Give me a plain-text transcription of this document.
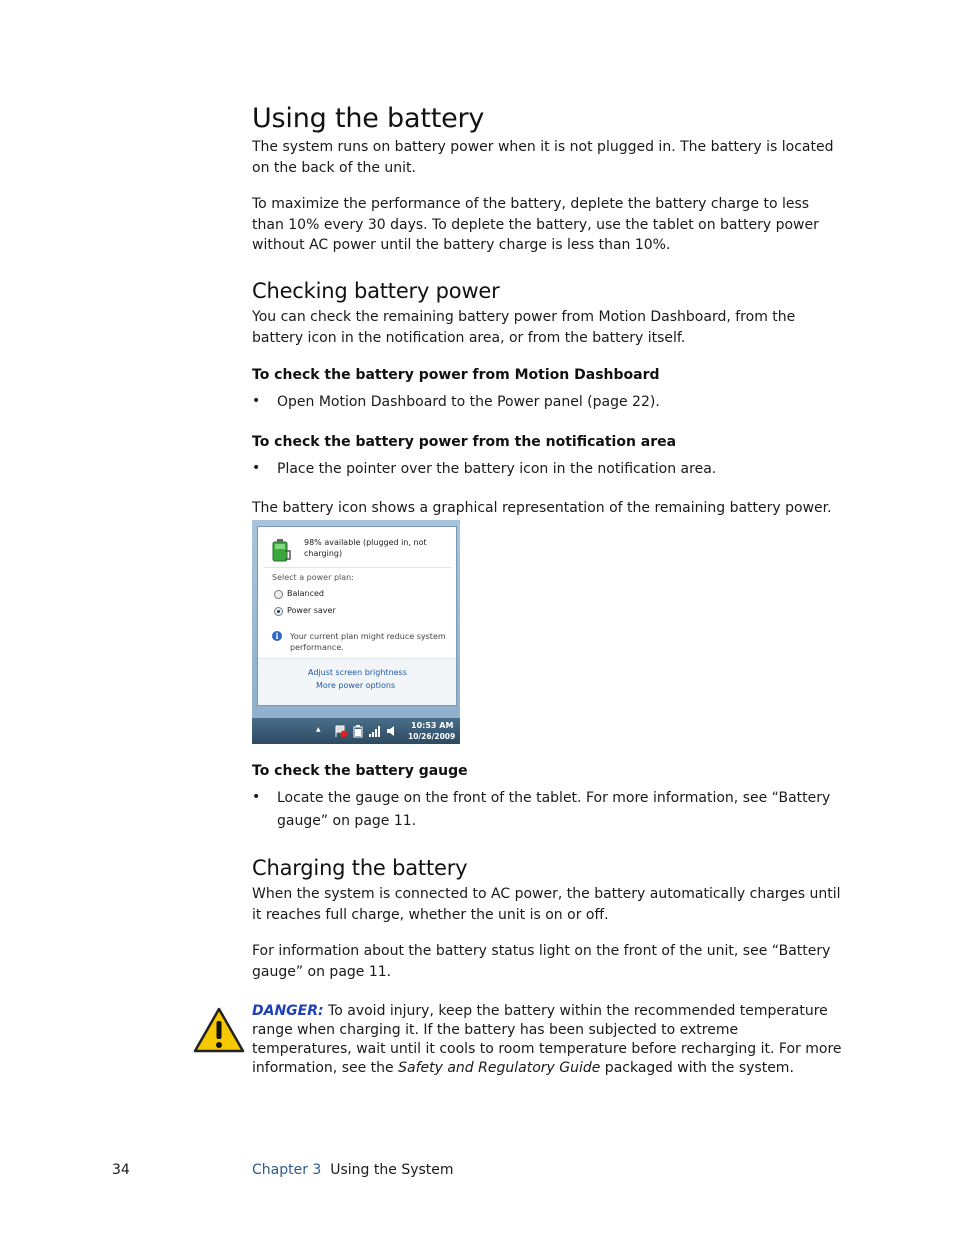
Using the battery

The system runs on battery power when it is not plugged in. The battery is located on the back of the unit.

To maximize the performance of the battery, deplete the battery charge to less than 10% every 30 days. To deplete the battery, use the tablet on battery power without AC power until the battery charge is less than 10%.

Checking battery power

You can check the remaining battery power from Motion Dashboard, from the battery icon in the notification area, or from the battery itself.

To check the battery power from Motion Dashboard
• Open Motion Dashboard to the Power panel (page 22).

To check the battery power from the notification area
• Place the pointer over the battery icon in the notification area.

The battery icon shows a graphical representation of the remaining battery power.

98% available (plugged in, not
charging)
Select a power plan:
Balanced
Power saver
i	Your current plan might reduce system
performance.
Adjust screen brightness
More power options
▲	10:53 AM
10/26/2009
To check the battery gauge
• Locate the gauge on the front of the tablet. For more information, see “Battery gauge” on page 11.

Charging the battery

When the system is connected to AC power, the battery automatically charges until it reaches full charge, whether the unit is on or off.

For information about the battery status light on the front of the unit, see “Battery gauge” on page 11.

DANGER: To avoid injury, keep the battery within the recommended temperature range when charging it. If the battery has been subjected to extreme temperatures, wait until it cools to room temperature before recharging it. For more information, see the Safety and Regulatory Guide packaged with the system.

34	Chapter 3 Using the System
